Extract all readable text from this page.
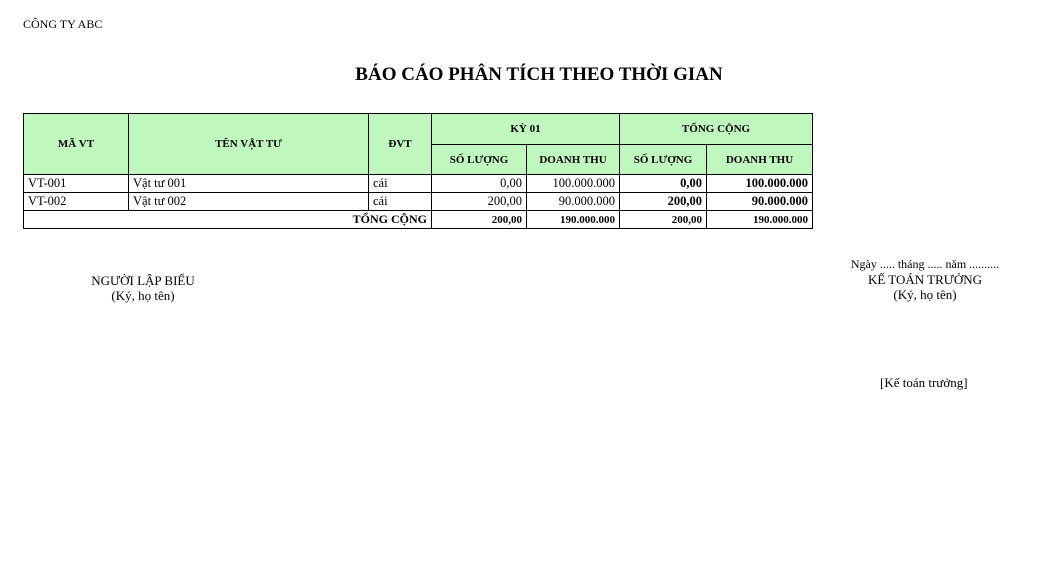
CÔNG TY ABC
BÁO CÁO PHÂN TÍCH THEO THỜI GIAN
MÃ VT	TÊN VẬT TƯ	ĐVT	KỲ 01		TỔNG CỘNG	
			SỐ LƯỢNG	DOANH THU	SỐ LƯỢNG	DOANH THU
VT-001	Vật tư 001	cái	0,00	100.000.000	0,00	100.000.000
VT-002	Vật tư 002	cái	200,00	90.000.000	200,00	90.000.000
TỔNG CỘNG			200,00	190.000.000	200,00	190.000.000
NGƯỜI LẬP BIỂU
(Ký, họ tên)
Ngày ..... tháng ..... năm ..........
KẾ TOÁN TRƯỞNG
(Ký, họ tên)
[Kế toán trưởng]
